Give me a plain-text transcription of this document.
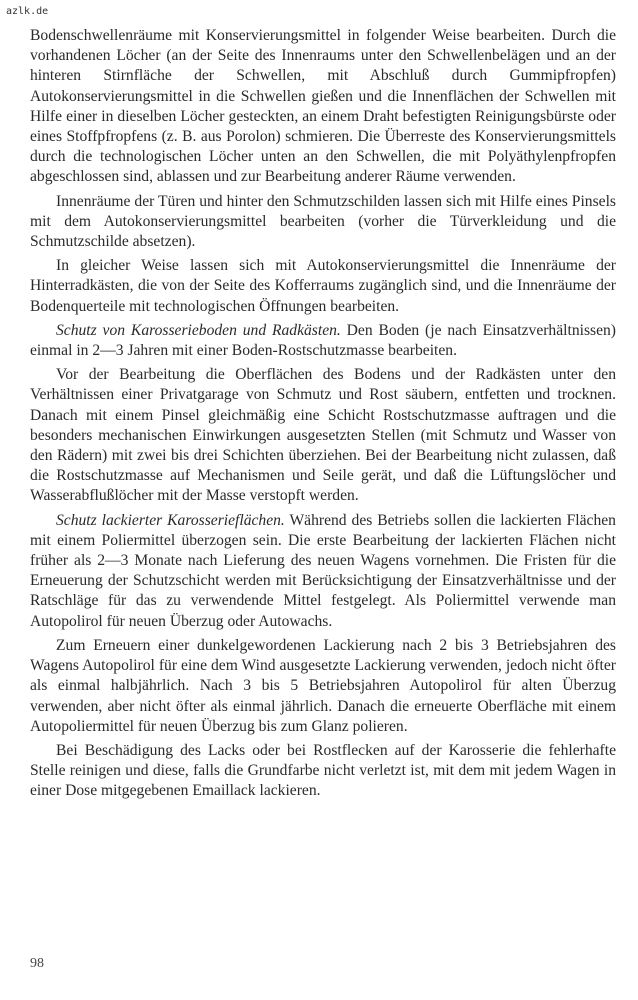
azlk.de

Bodenschwellenräume mit Konservierungsmittel in folgender Weise bearbeiten. Durch die vorhandenen Löcher (an der Seite des Innenraums unter den Schwellenbelägen und an der hinteren Stirnfläche der Schwellen, mit Abschluß durch Gummipfropfen) Autokonservierungsmittel in die Schwellen gießen und die Innenflächen der Schwellen mit Hilfe einer in dieselben Löcher gesteckten, an einem Draht befestigten Reinigungsbürste oder eines Stoffpfropfens (z. B. aus Porolon) schmieren. Die Überreste des Konservierungsmittels durch die technologischen Löcher unten an den Schwellen, die mit Polyäthylenpfropfen abgeschlossen sind, ablassen und zur Bearbeitung anderer Räume verwenden.

Innenräume der Türen und hinter den Schmutzschilden lassen sich mit Hilfe eines Pinsels mit dem Autokonservierungsmittel bearbeiten (vorher die Türverkleidung und die Schmutzschilde absetzen).

In gleicher Weise lassen sich mit Autokonservierungsmittel die Innenräume der Hinterradkästen, die von der Seite des Kofferraums zugänglich sind, und die Innenräume der Bodenquerteile mit technologischen Öffnungen bearbeiten.

Schutz von Karosserieboden und Radkästen. Den Boden (je nach Einsatzverhältnissen) einmal in 2—3 Jahren mit einer Boden-Rostschutzmasse bearbeiten.

Vor der Bearbeitung die Oberflächen des Bodens und der Radkästen unter den Verhältnissen einer Privatgarage von Schmutz und Rost säubern, entfetten und trocknen. Danach mit einem Pinsel gleichmäßig eine Schicht Rostschutzmasse auftragen und die besonders mechanischen Einwirkungen ausgesetzten Stellen (mit Schmutz und Wasser von den Rädern) mit zwei bis drei Schichten überziehen. Bei der Bearbeitung nicht zulassen, daß die Rostschutzmasse auf Mechanismen und Seile gerät, und daß die Lüftungslöcher und Wasserabflußlöcher mit der Masse verstopft werden.

Schutz lackierter Karosserieflächen. Während des Betriebs sollen die lackierten Flächen mit einem Poliermittel überzogen sein. Die erste Bearbeitung der lackierten Flächen nicht früher als 2—3 Monate nach Lieferung des neuen Wagens vornehmen. Die Fristen für die Erneuerung der Schutzschicht werden mit Berücksichtigung der Einsatzverhältnisse und der Ratschläge für das zu verwendende Mittel festgelegt. Als Poliermittel verwende man Autopolirol für neuen Überzug oder Autowachs.

Zum Erneuern einer dunkelgewordenen Lackierung nach 2 bis 3 Betriebsjahren des Wagens Autopolirol für eine dem Wind ausgesetzte Lackierung verwenden, jedoch nicht öfter als einmal halbjährlich. Nach 3 bis 5 Betriebsjahren Autopolirol für alten Überzug verwenden, aber nicht öfter als einmal jährlich. Danach die erneuerte Oberfläche mit einem Autopoliermittel für neuen Überzug bis zum Glanz polieren.

Bei Beschädigung des Lacks oder bei Rostflecken auf der Karosserie die fehlerhafte Stelle reinigen und diese, falls die Grundfarbe nicht verletzt ist, mit dem mit jedem Wagen in einer Dose mitgegebenen Emaillack lackieren.

98
